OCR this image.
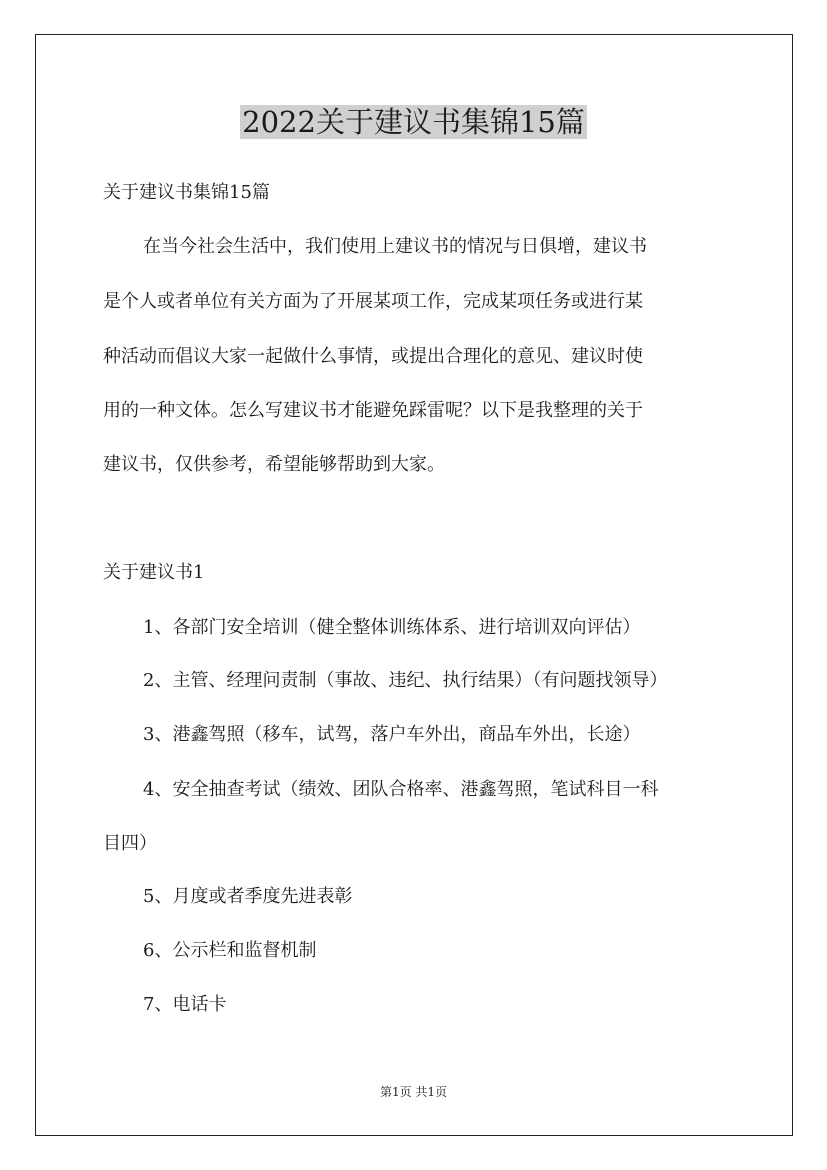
2022关于建议书集锦15篇
关于建议书集锦15篇
在当今社会生活中，我们使用上建议书的情况与日俱增，建议书
是个人或者单位有关方面为了开展某项工作，完成某项任务或进行某
种活动而倡议大家一起做什么事情，或提出合理化的意见、建议时使
用的一种文体。怎么写建议书才能避免踩雷呢？以下是我整理的关于
建议书，仅供参考，希望能够帮助到大家。
关于建议书1
1、各部门安全培训（健全整体训练体系、进行培训双向评估）
2、主管、经理问责制（事故、违纪、执行结果）（有问题找领导）
3、港鑫驾照（移车，试驾，落户车外出，商品车外出，长途）
4、安全抽查考试（绩效、团队合格率、港鑫驾照，笔试科目一科
目四）
5、月度或者季度先进表彰
6、公示栏和监督机制
7、电话卡
第1页 共1页
